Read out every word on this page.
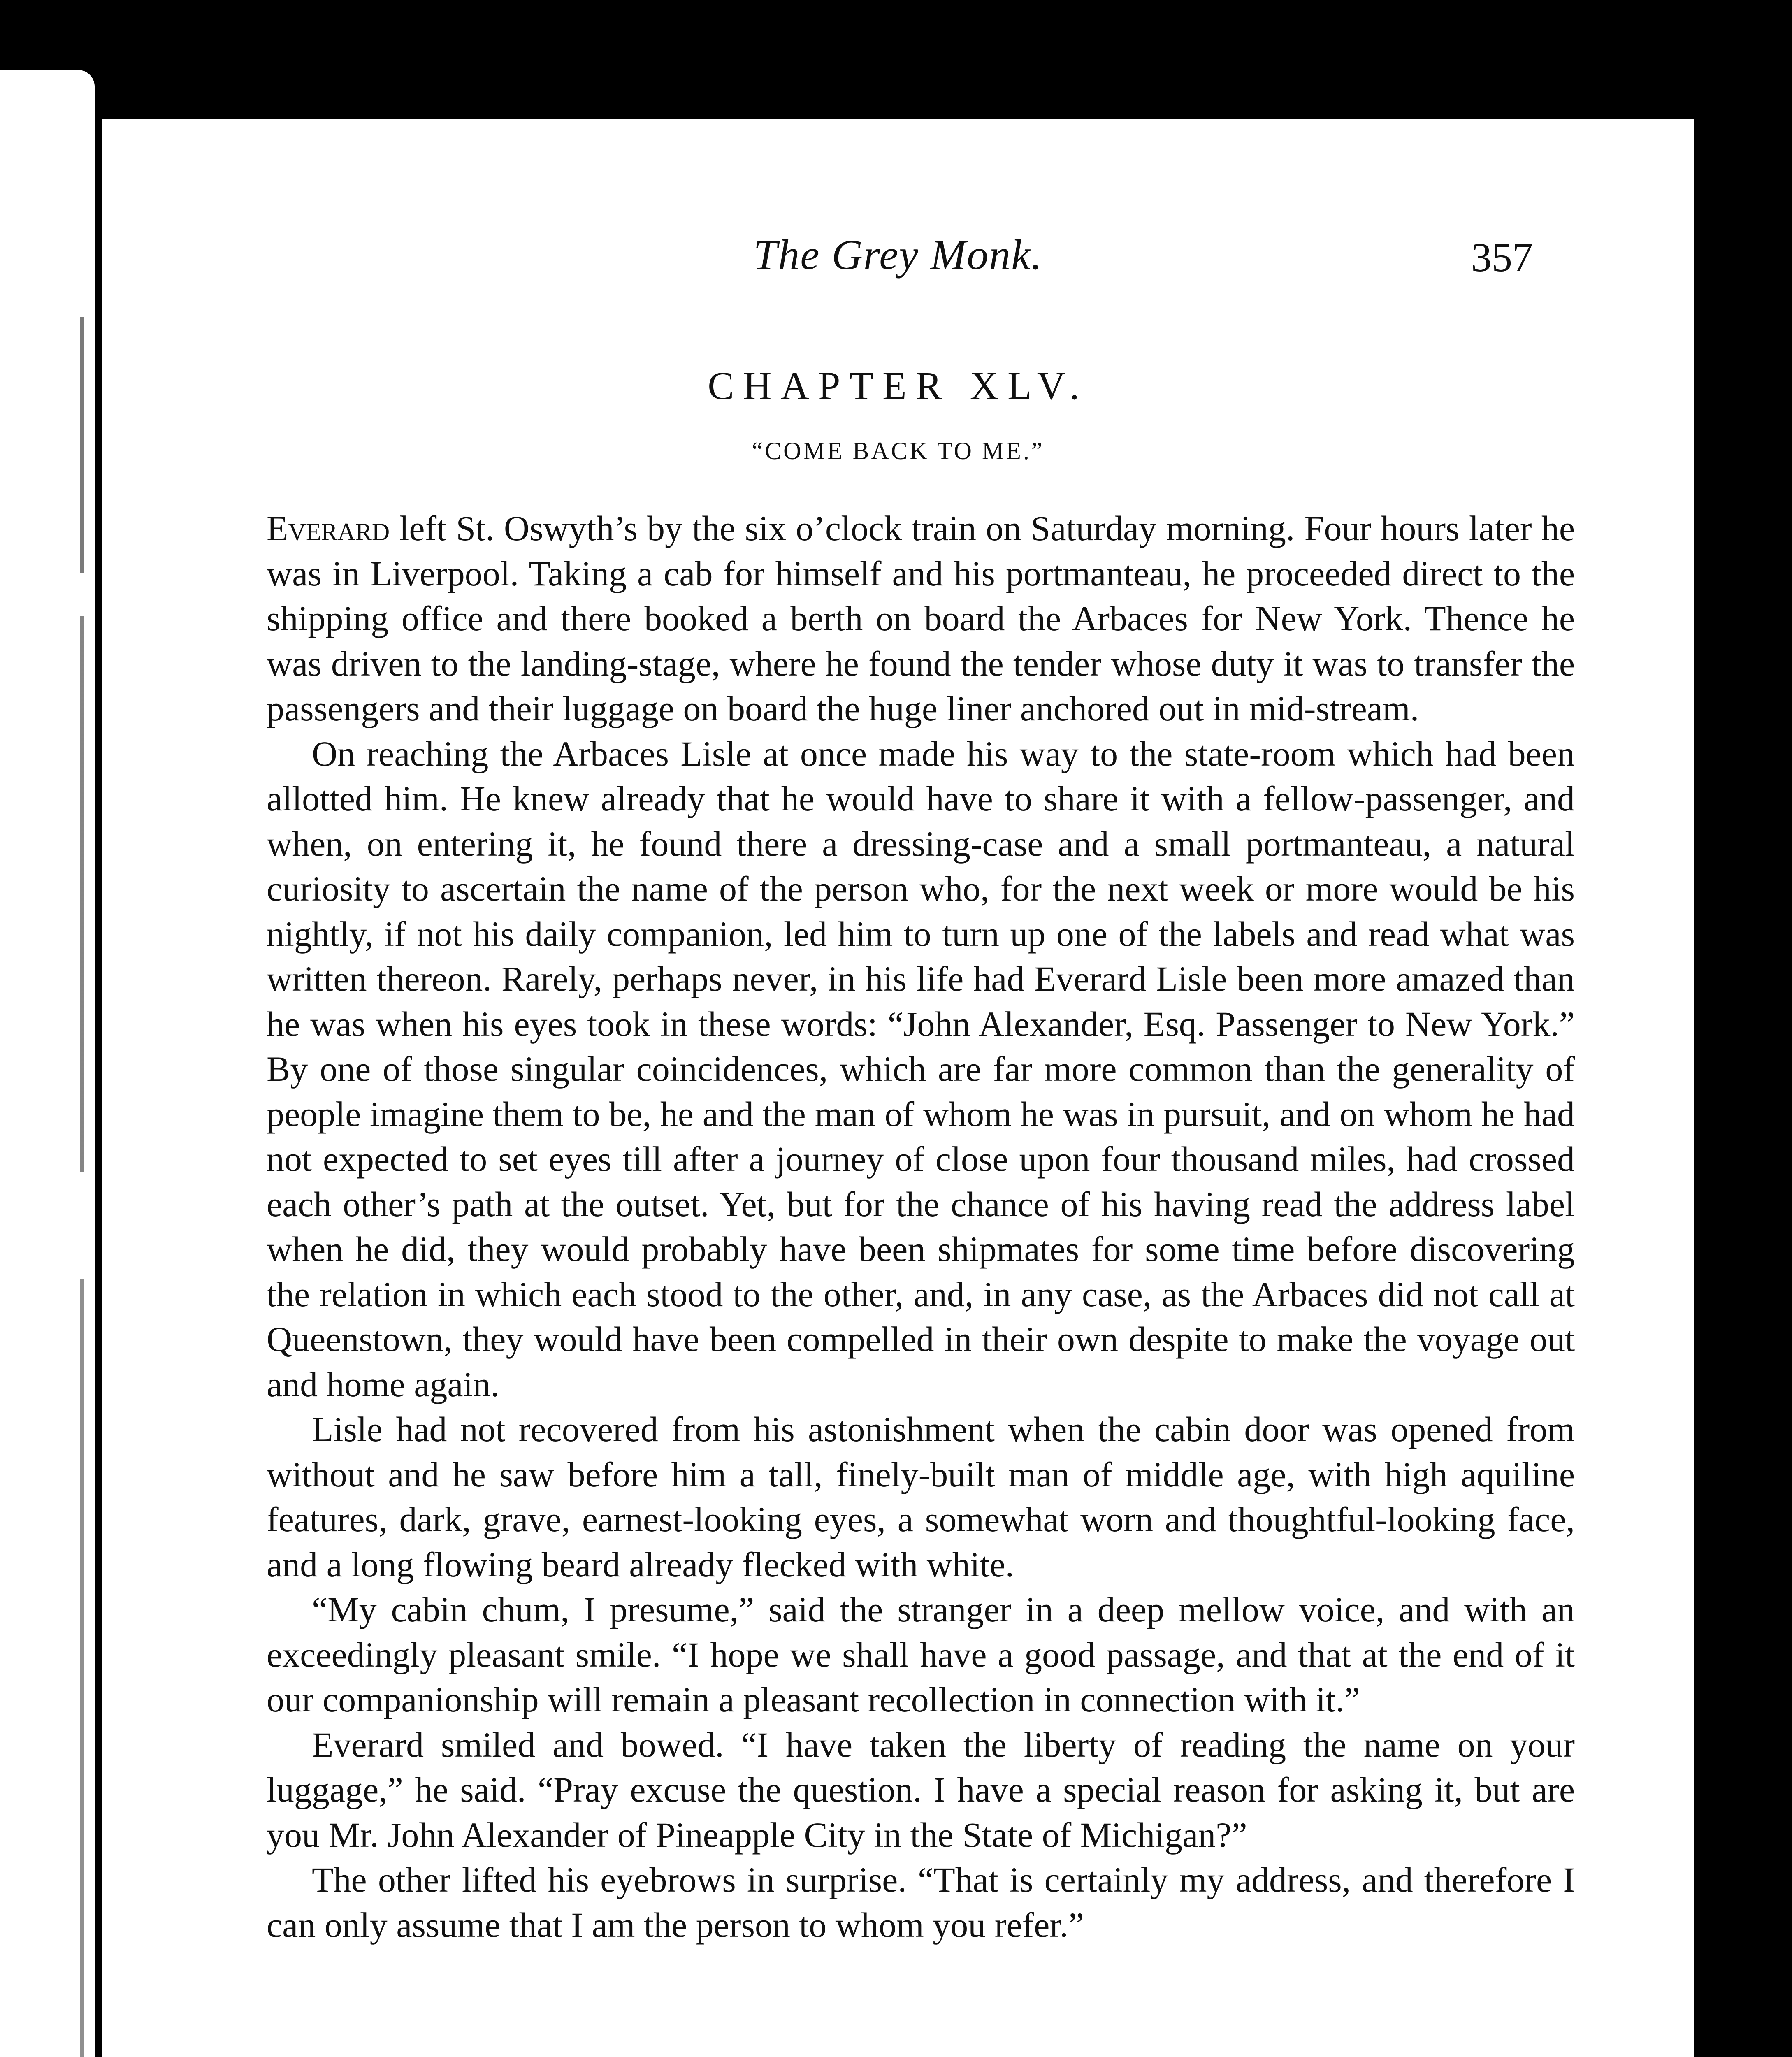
The Grey Monk.	357
CHAPTER XLV.
“COME BACK TO ME.”

Everard left St. Oswyth’s by the six o’clock train on Saturday morning. Four hours later he was in Liverpool. Taking a cab for himself and his portmanteau, he proceeded direct to the shipping office and there booked a berth on board the Arbaces for New York. Thence he was driven to the landing-stage, where he found the tender whose duty it was to transfer the passengers and their luggage on board the huge liner anchored out in mid-stream.

On reaching the Arbaces Lisle at once made his way to the state-room which had been allotted him. He knew already that he would have to share it with a fellow-passenger, and when, on entering it, he found there a dressing-case and a small portmanteau, a natural curiosity to ascertain the name of the person who, for the next week or more would be his nightly, if not his daily companion, led him to turn up one of the labels and read what was written thereon. Rarely, perhaps never, in his life had Everard Lisle been more amazed than he was when his eyes took in these words: “John Alexander, Esq. Passenger to New York.” By one of those singular coincidences, which are far more common than the generality of people imagine them to be, he and the man of whom he was in pursuit, and on whom he had not expected to set eyes till after a journey of close upon four thousand miles, had crossed each other’s path at the outset. Yet, but for the chance of his having read the address label when he did, they would probably have been shipmates for some time before discovering the relation in which each stood to the other, and, in any case, as the Arbaces did not call at Queenstown, they would have been compelled in their own despite to make the voyage out and home again.

Lisle had not recovered from his astonishment when the cabin door was opened from without and he saw before him a tall, finely-built man of middle age, with high aquiline features, dark, grave, earnest-looking eyes, a somewhat worn and thoughtful-looking face, and a long flowing beard already flecked with white.

“My cabin chum, I presume,” said the stranger in a deep mellow voice, and with an exceedingly pleasant smile. “I hope we shall have a good passage, and that at the end of it our companionship will remain a pleasant recollection in connection with it.”

Everard smiled and bowed. “I have taken the liberty of reading the name on your luggage,” he said. “Pray excuse the question. I have a special reason for asking it, but are you Mr. John Alexander of Pineapple City in the State of Michigan?”

The other lifted his eyebrows in surprise. “That is certainly my address, and therefore I can only assume that I am the person to whom you refer.”
